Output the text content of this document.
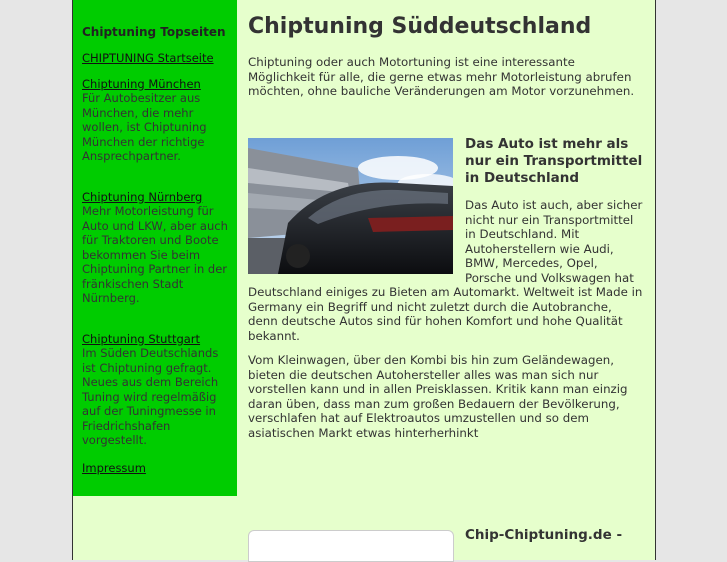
Chiptuning Topseiten
CHIPTUNING Startseite
Chiptuning München

Für Autobesitzer aus München, die mehr wollen, ist Chiptuning München der richtige Ansprechpartner.

Chiptuning Nürnberg

Mehr Motorleistung für Auto und LKW, aber auch für Traktoren und Boote bekommen Sie beim Chiptuning Partner in der fränkischen Stadt Nürnberg.

Chiptuning Stuttgart

Im Süden Deutschlands ist Chiptuning gefragt. Neues aus dem Bereich Tuning wird regelmäßig auf der Tuningmesse in Friedrichshafen vorgestellt.

Impressum
Chiptuning Süddeutschland

Chiptuning oder auch Motortuning ist eine interessante Möglichkeit für alle, die gerne etwas mehr Motorleistung abrufen möchten, ohne bauliche Veränderungen am Motor vorzunehmen.

Das Auto ist mehr als nur ein Transportmittel in Deutschland

Das Auto ist auch, aber sicher nicht nur ein Transportmittel in Deutschland. Mit Autoherstellern wie Audi, BMW, Mercedes, Opel, Porsche und Volkswagen hat Deutschland einiges zu Bieten am Automarkt. Weltweit ist Made in Germany ein Begriff und nicht zuletzt durch die Autobranche, denn deutsche Autos sind für hohen Komfort und hohe Qualität bekannt.

Vom Kleinwagen, über den Kombi bis hin zum Geländewagen, bieten die deutschen Autohersteller alles was man sich nur vorstellen kann und in allen Preisklassen. Kritik kann man einzig daran üben, dass man zum großen Bedauern der Bevölkerung, verschlafen hat auf Elektroautos umzustellen und so dem asiatischen Markt etwas hinterherhinkt

Chip-Chiptuning.de -
